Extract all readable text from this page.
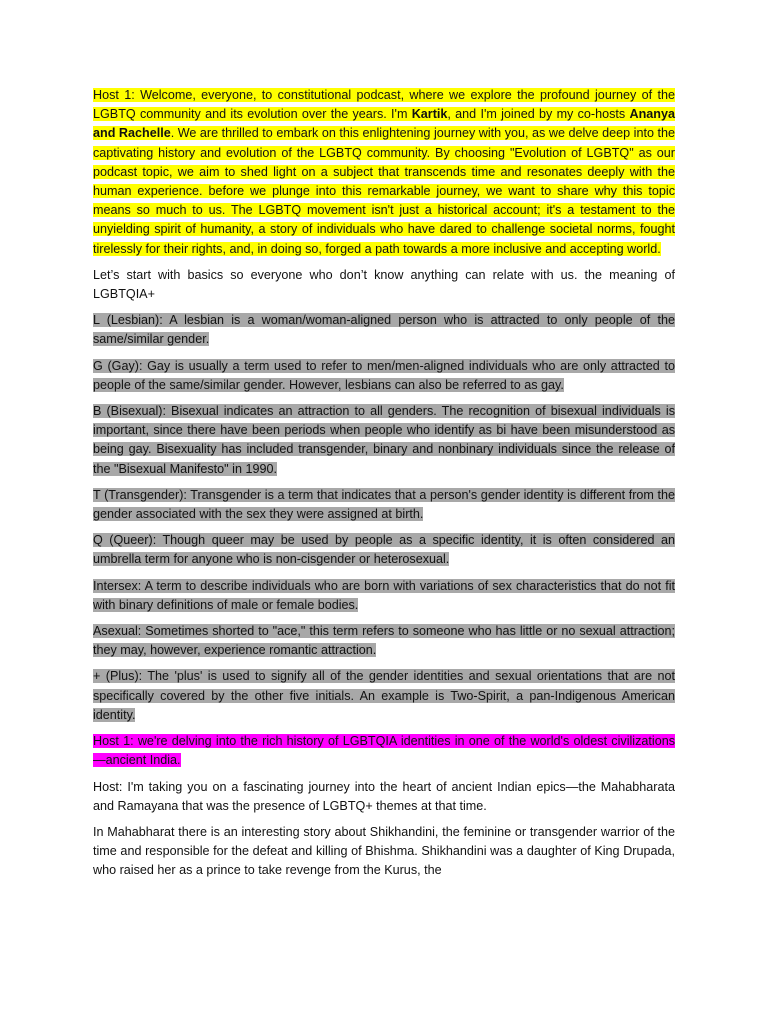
Host 1: Welcome, everyone, to constitutional podcast, where we explore the profound journey of the LGBTQ community and its evolution over the years. I'm Kartik, and I'm joined by my co-hosts Ananya and Rachelle. We are thrilled to embark on this enlightening journey with you, as we delve deep into the captivating history and evolution of the LGBTQ community. By choosing "Evolution of LGBTQ" as our podcast topic, we aim to shed light on a subject that transcends time and resonates deeply with the human experience. before we plunge into this remarkable journey, we want to share why this topic means so much to us. The LGBTQ movement isn't just a historical account; it's a testament to the unyielding spirit of humanity, a story of individuals who have dared to challenge societal norms, fought tirelessly for their rights, and, in doing so, forged a path towards a more inclusive and accepting world.

Let’s start with basics so everyone who don’t know anything can relate with us. the meaning of LGBTQIA+

L (Lesbian): A lesbian is a woman/woman-aligned person who is attracted to only people of the same/similar gender.

G (Gay): Gay is usually a term used to refer to men/men-aligned individuals who are only attracted to people of the same/similar gender. However, lesbians can also be referred to as gay.

B (Bisexual): Bisexual indicates an attraction to all genders. The recognition of bisexual individuals is important, since there have been periods when people who identify as bi have been misunderstood as being gay. Bisexuality has included transgender, binary and nonbinary individuals since the release of the "Bisexual Manifesto" in 1990.

T (Transgender): Transgender is a term that indicates that a person's gender identity is different from the gender associated with the sex they were assigned at birth.

Q (Queer): Though queer may be used by people as a specific identity, it is often considered an umbrella term for anyone who is non-cisgender or heterosexual.

Intersex: A term to describe individuals who are born with variations of sex characteristics that do not fit with binary definitions of male or female bodies.

Asexual: Sometimes shorted to "ace," this term refers to someone who has little or no sexual attraction; they may, however, experience romantic attraction.

+ (Plus): The 'plus' is used to signify all of the gender identities and sexual orientations that are not specifically covered by the other five initials. An example is Two-Spirit, a pan-Indigenous American identity.

Host 1: we're delving into the rich history of LGBTQIA identities in one of the world's oldest civilizations—ancient India.

Host: I'm taking you on a fascinating journey into the heart of ancient Indian epics—the Mahabharata and Ramayana that was the presence of LGBTQ+ themes at that time.

In Mahabharat there is an interesting story about Shikhandini, the feminine or transgender warrior of the time and responsible for the defeat and killing of Bhishma. Shikhandini was a daughter of King Drupada, who raised her as a prince to take revenge from the Kurus, the
